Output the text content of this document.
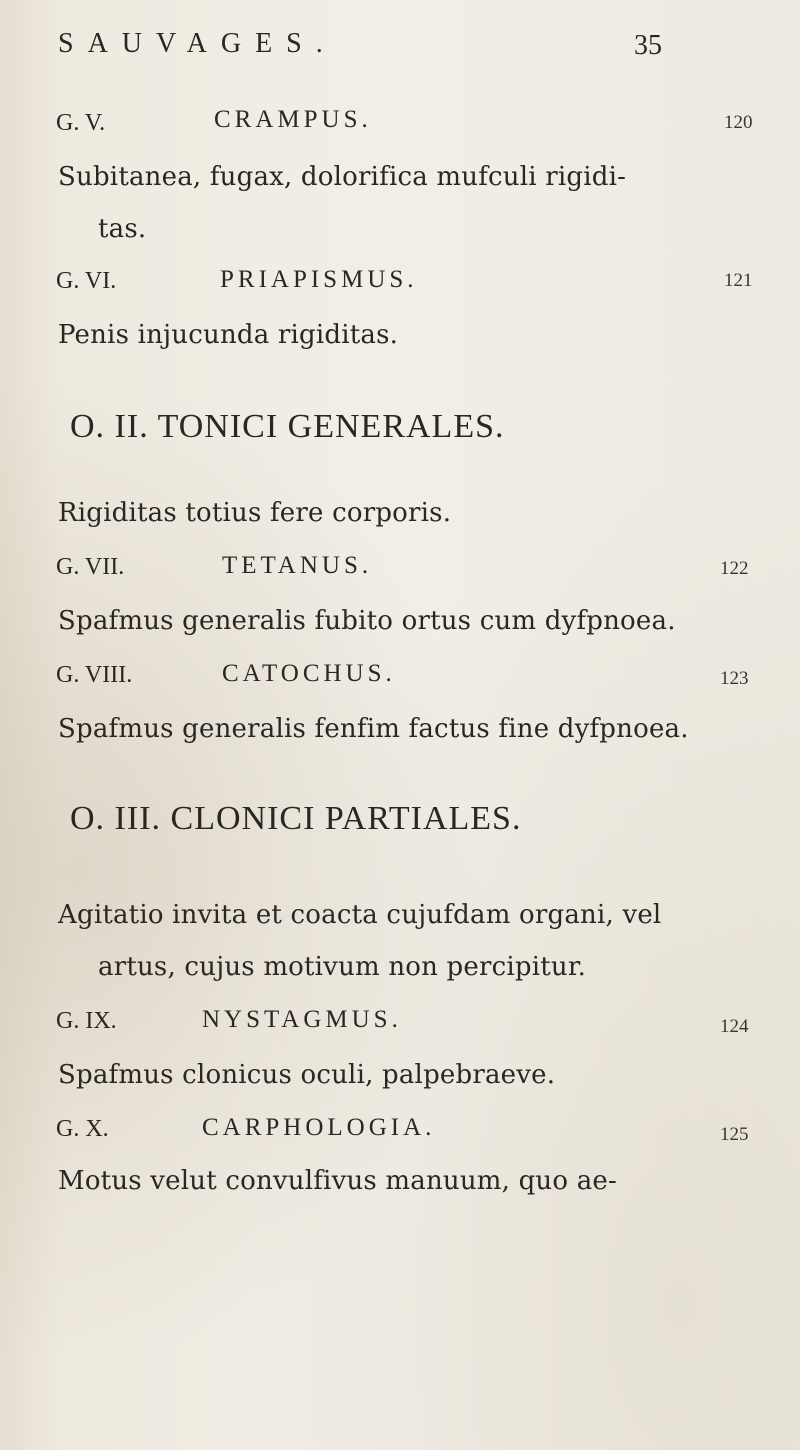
SAUVAGES.	35
G. V.	CRAMPUS.	120
Subitanea, fugax, dolorifica mufculi rigidi-
tas.
G. VI.	PRIAPISMUS.	121
Penis injucunda rigiditas.
O. II. TONICI GENERALES.
Rigiditas totius fere corporis.
G. VII.	TETANUS.	122
Spafmus generalis fubito ortus cum dyfpnoea.
G. VIII.	CATOCHUS.	123
Spafmus generalis fenfim factus fine dyfpnoea.
O. III. CLONICI PARTIALES.
Agitatio invita et coacta cujufdam organi, vel
artus, cujus motivum non percipitur.
G. IX.	NYSTAGMUS.	124
Spafmus clonicus oculi, palpebraeve.
G. X.	CARPHOLOGIA.	125
Motus velut convulfivus manuum, quo ae-
